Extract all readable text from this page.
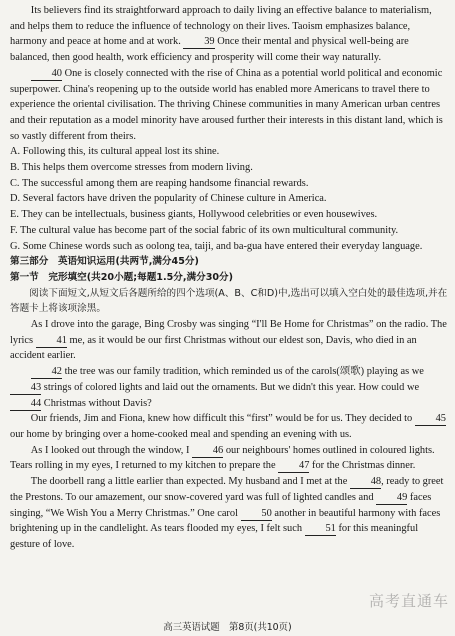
Its believers find its straightforward approach to daily living an effective balance to materialism, and helps them to reduce the influence of technology on their lives. Taoism emphasizes balance, harmony and peace at home and at work. 39 Once their mental and physical well-being are balanced, then good health, work efficiency and prosperity will come their way naturally.

40 One is closely connected with the rise of China as a potential world political and economic superpower. China's reopening up to the outside world has enabled more Americans to travel there to experience the oriental civilisation. The thriving Chinese communities in many American urban centres and their reputation as a model minority have aroused further their interests in this distant land, which is so vastly different from theirs.

A. Following this, its cultural appeal lost its shine.

B. This helps them overcome stresses from modern living.

C. The successful among them are reaping handsome financial rewards.

D. Several factors have driven the popularity of Chinese culture in America.

E. They can be intellectuals, business giants, Hollywood celebrities or even housewives.

F. The cultural value has become part of the social fabric of its own multicultural community.

G. Some Chinese words such as oolong tea, taiji, and ba-gua have entered their everyday language.

第三部分　英语知识运用(共两节,满分45分)

第一节　完形填空(共20小题;每题1.5分,满分30分)

阅读下面短文,从短文后各题所给的四个选项(A、B、C和D)中,选出可以填入空白处的最佳选项,并在答题卡上将该项涂黑。

As I drove into the garage, Bing Crosby was singing “I'll Be Home for Christmas” on the radio. The lyrics 41 me, as it would be our first Christmas without our eldest son, Davis, who died in an accident earlier.

42 the tree was our family tradition, which reminded us of the carols(颂歌) playing as we 43 strings of colored lights and laid out the ornaments. But we didn't this year. How could we 44 Christmas without Davis?

Our friends, Jim and Fiona, knew how difficult this “first” would be for us. They decided to 45 our home by bringing over a home-cooked meal and spending an evening with us.

As I looked out through the window, I 46 our neighbours' homes outlined in coloured lights. Tears rolling in my eyes, I returned to my kitchen to prepare the 47 for the Christmas dinner.

The doorbell rang a little earlier than expected. My husband and I met at the 48, ready to greet the Prestons. To our amazement, our snow-covered yard was full of lighted candles and 49 faces singing, “We Wish You a Merry Christmas.” One carol 50 another in beautiful harmony with faces brightening up in the candlelight. As tears flooded my eyes, I felt such 51 for this meaningful gesture of love.

高考直通车
高三英语试题　第8页(共10页)
